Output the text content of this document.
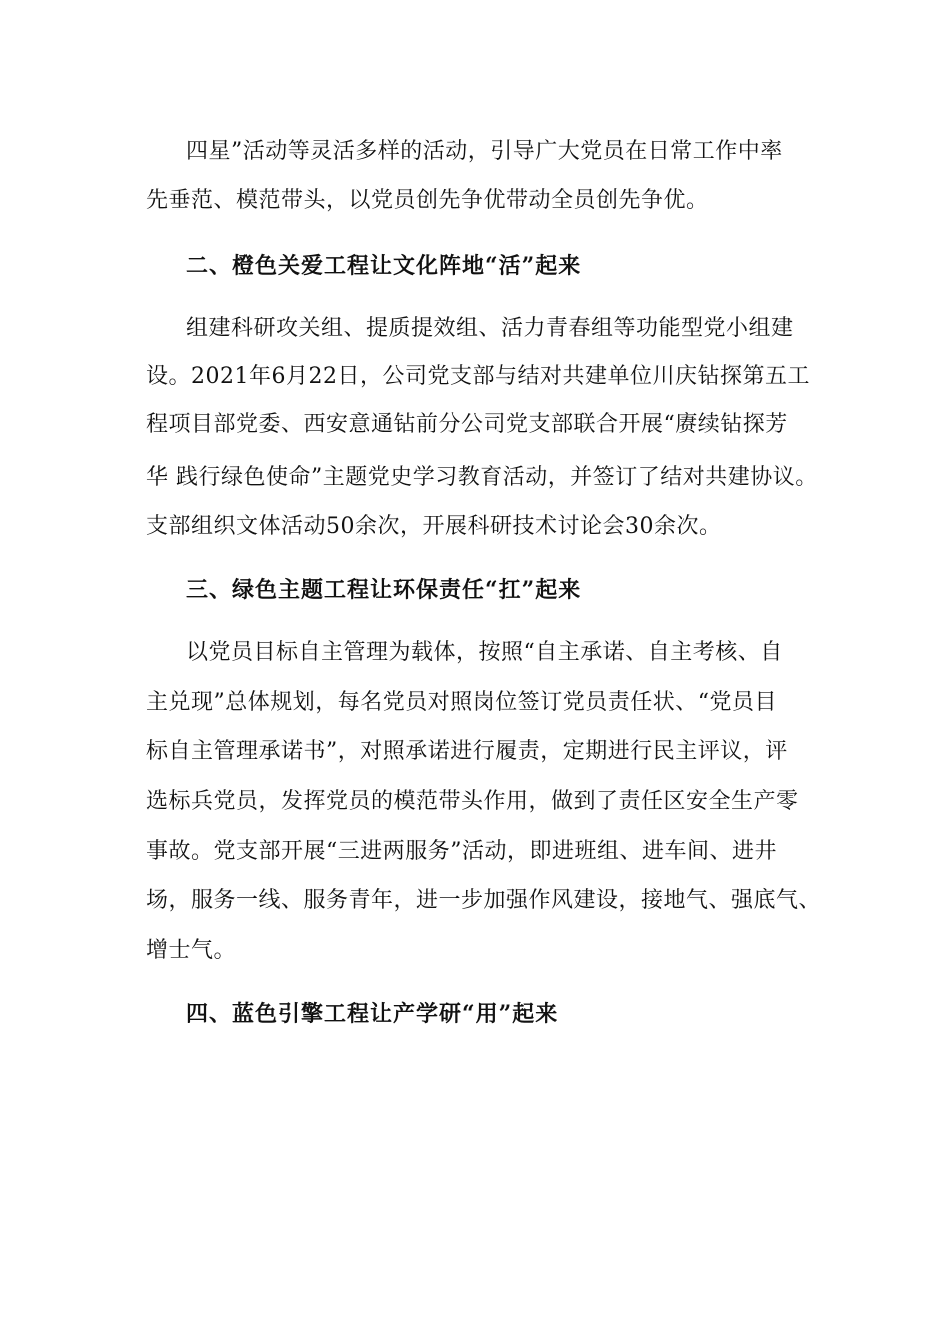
四星”活动等灵活多样的活动，引导广大党员在日常工作中率
先垂范、模范带头，以党员创先争优带动全员创先争优。
二、橙色关爱工程让文化阵地“活”起来
组建科研攻关组、提质提效组、活力青春组等功能型党小组建
设。2021年6月22日，公司党支部与结对共建单位川庆钻探第五工
程项目部党委、西安意通钻前分公司党支部联合开展“赓续钻探芳
华 践行绿色使命”主题党史学习教育活动，并签订了结对共建协议。
支部组织文体活动50余次，开展科研技术讨论会30余次。
三、绿色主题工程让环保责任“扛”起来
以党员目标自主管理为载体，按照“自主承诺、自主考核、自
主兑现”总体规划，每名党员对照岗位签订党员责任状、“党员目
标自主管理承诺书”，对照承诺进行履责，定期进行民主评议，评
选标兵党员，发挥党员的模范带头作用，做到了责任区安全生产零
事故。党支部开展“三进两服务”活动，即进班组、进车间、进井
场，服务一线、服务青年，进一步加强作风建设，接地气、强底气、
增士气。
四、蓝色引擎工程让产学研“用”起来
